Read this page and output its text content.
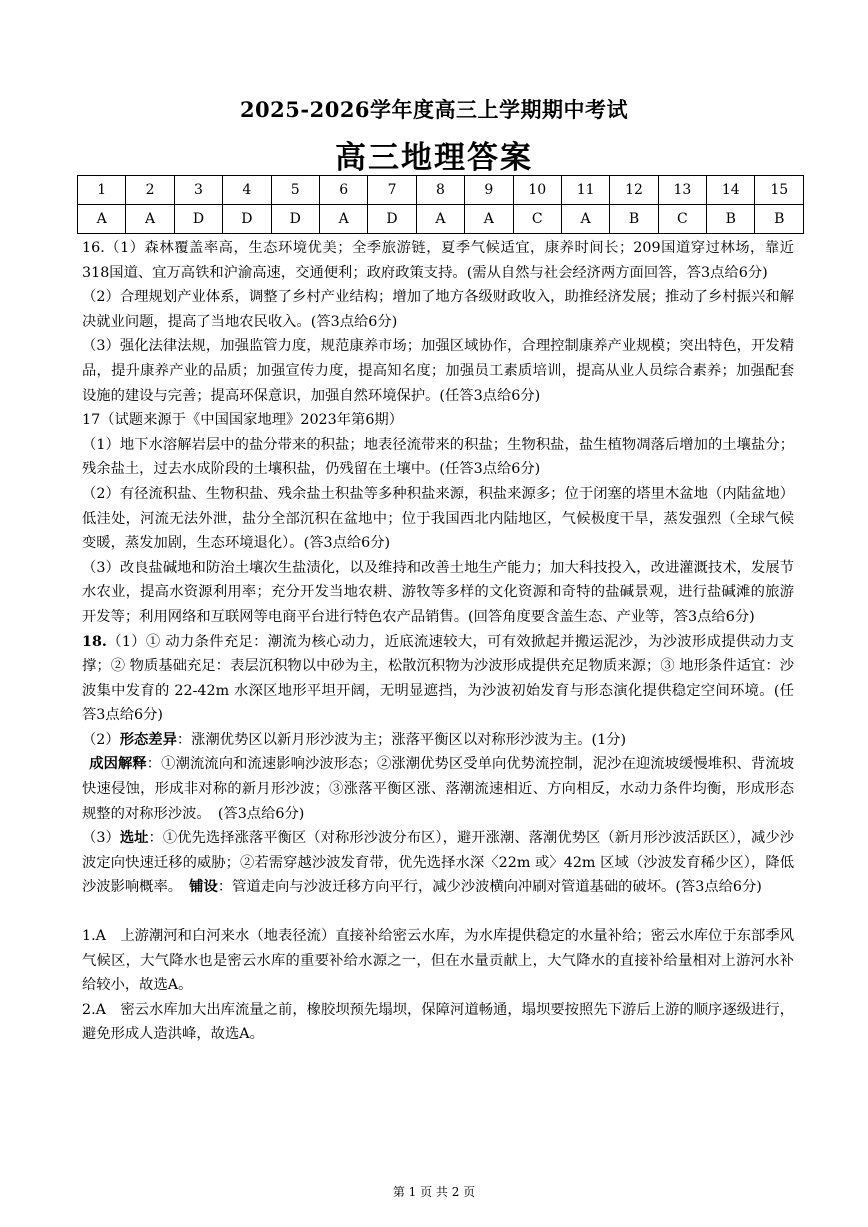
2025-2026学年度高三上学期期中考试
高三地理答案
1	2	3	4	5	6	7	8	9	10	11	12	13	14	15
A	A	D	D	D	A	D	A	A	C	A	B	C	B	B

16.（1）森林覆盖率高，生态环境优美；全季旅游链，夏季气候适宜，康养时间长；209国道穿过林场，靠近318国道、宜万高铁和沪渝高速，交通便利；政府政策支持。(需从自然与社会经济两方面回答，答3点给6分)

（2）合理规划产业体系，调整了乡村产业结构；增加了地方各级财政收入，助推经济发展；推动了乡村振兴和解决就业问题，提高了当地农民收入。(答3点给6分)

（3）强化法律法规，加强监管力度，规范康养市场；加强区域协作，合理控制康养产业规模；突出特色，开发精品，提升康养产业的品质；加强宣传力度，提高知名度；加强员工素质培训，提高从业人员综合素养；加强配套设施的建设与完善；提高环保意识，加强自然环境保护。(任答3点给6分)

17（试题来源于《中国国家地理》2023年第6期）

（1）地下水溶解岩层中的盐分带来的积盐；地表径流带来的积盐；生物积盐，盐生植物凋落后增加的土壤盐分；残余盐土，过去水成阶段的土壤积盐，仍残留在土壤中。(任答3点给6分)

（2）有径流积盐、生物积盐、残余盐土积盐等多种积盐来源，积盐来源多；位于闭塞的塔里木盆地（内陆盆地）低洼处，河流无法外泄，盐分全部沉积在盆地中；位于我国西北内陆地区，气候极度干旱，蒸发强烈（全球气候变暖，蒸发加剧，生态环境退化）。(答3点给6分)

（3）改良盐碱地和防治土壤次生盐渍化，以及维持和改善土地生产能力；加大科技投入，改进灌溉技术，发展节水农业，提高水资源利用率；充分开发当地农耕、游牧等多样的文化资源和奇特的盐碱景观，进行盐碱滩的旅游开发等；利用网络和互联网等电商平台进行特色农产品销售。(回答角度要含盖生态、产业等，答3点给6分)

18.（1）① 动力条件充足：潮流为核心动力，近底流速较大，可有效掀起并搬运泥沙，为沙波形成提供动力支撑；② 物质基础充足：表层沉积物以中砂为主，松散沉积物为沙波形成提供充足物质来源；③ 地形条件适宜：沙波集中发育的 22-42m 水深区地形平坦开阔，无明显遮挡，为沙波初始发育与形态演化提供稳定空间环境。(任答3点给6分)

（2）形态差异：涨潮优势区以新月形沙波为主；涨落平衡区以对称形沙波为主。(1分)

 成因解释：①潮流流向和流速影响沙波形态；②涨潮优势区受单向优势流控制，泥沙在迎流坡缓慢堆积、背流坡快速侵蚀，形成非对称的新月形沙波；③涨落平衡区涨、落潮流速相近、方向相反，水动力条件均衡，形成形态规整的对称形沙波。　(答3点给6分)

（3）选址：①优先选择涨落平衡区（对称形沙波分布区），避开涨潮、落潮优势区（新月形沙波活跃区），减少沙波定向快速迁移的威胁；②若需穿越沙波发育带，优先选择水深〈22m 或〉42m 区域（沙波发育稀少区），降低沙波影响概率。  铺设：管道走向与沙波迁移方向平行，减少沙波横向冲刷对管道基础的破坏。(答3点给6分)

1.A　上游潮河和白河来水（地表径流）直接补给密云水库，为水库提供稳定的水量补给；密云水库位于东部季风气候区，大气降水也是密云水库的重要补给水源之一，但在水量贡献上，大气降水的直接补给量相对上游河水补给较小，故选A。

2.A　密云水库加大出库流量之前，橡胶坝预先塌坝，保障河道畅通，塌坝要按照先下游后上游的顺序逐级进行，避免形成人造洪峰，故选A。

第 1 页 共 2 页
